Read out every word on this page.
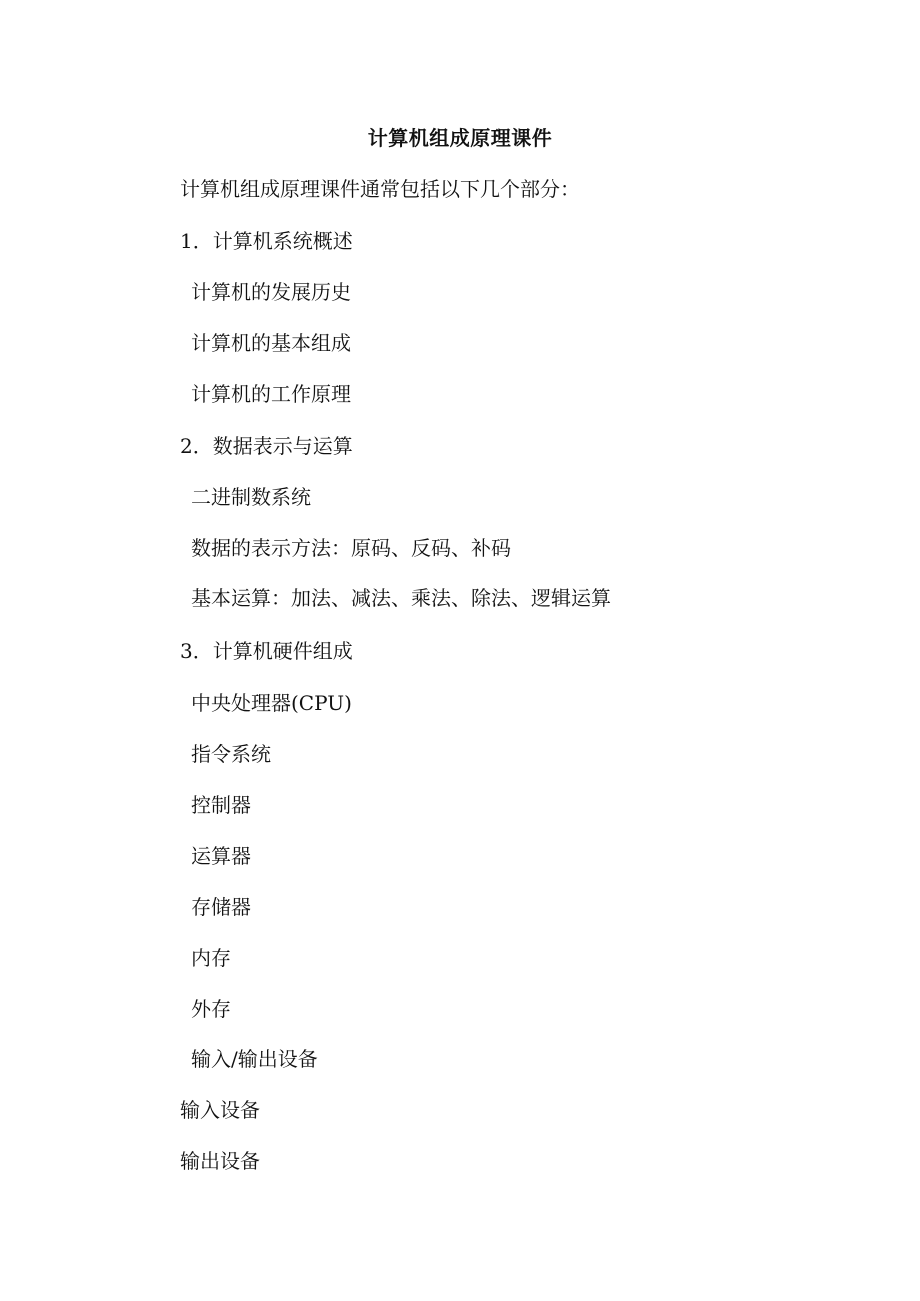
计算机组成原理课件
计算机组成原理课件通常包括以下几个部分：
1．计算机系统概述
计算机的发展历史
计算机的基本组成
计算机的工作原理
2．数据表示与运算
二进制数系统
数据的表示方法：原码、反码、补码
基本运算：加法、减法、乘法、除法、逻辑运算
3．计算机硬件组成
中央处理器(CPU)
指令系统
控制器
运算器
存储器
内存
外存
输入/输出设备
输入设备
输出设备
